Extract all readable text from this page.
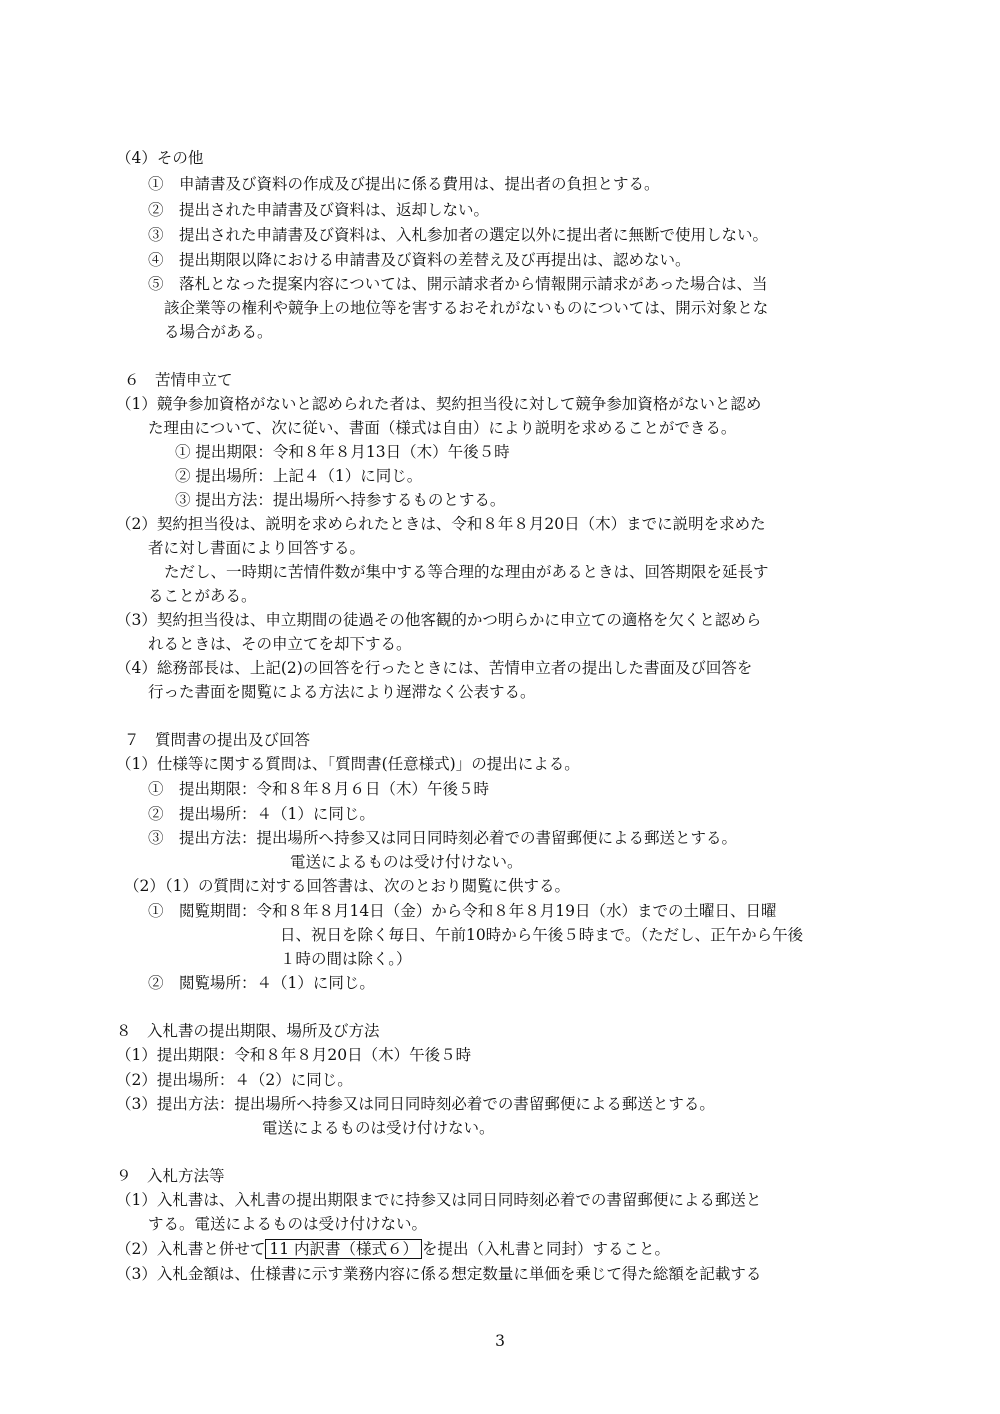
（4）その他
①　申請書及び資料の作成及び提出に係る費用は、提出者の負担とする。
②　提出された申請書及び資料は、返却しない。
③　提出された申請書及び資料は、入札参加者の選定以外に提出者に無断で使用しない。
④　提出期限以降における申請書及び資料の差替え及び再提出は、認めない。
⑤　落札となった提案内容については、開示請求者から情報開示請求があった場合は、当
該企業等の権利や競争上の地位等を害するおそれがないものについては、開示対象とな
る場合がある。
６　苦情申立て
（1）競争参加資格がないと認められた者は、契約担当役に対して競争参加資格がないと認め
た理由について、次に従い、書面（様式は自由）により説明を求めることができる。
① 提出期限：令和８年８月13日（木）午後５時
② 提出場所：上記４（1）に同じ。
③ 提出方法：提出場所へ持参するものとする。
（2）契約担当役は、説明を求められたときは、令和８年８月20日（木）までに説明を求めた
者に対し書面により回答する。
ただし、一時期に苦情件数が集中する等合理的な理由があるときは、回答期限を延長す
ることがある。
（3）契約担当役は、申立期間の徒過その他客観的かつ明らかに申立ての適格を欠くと認めら
れるときは、その申立てを却下する。
（4）総務部長は、上記(2)の回答を行ったときには、苦情申立者の提出した書面及び回答を
行った書面を閲覧による方法により遅滞なく公表する。
７　質問書の提出及び回答
（1）仕様等に関する質問は、「質問書(任意様式)」の提出による。
①　提出期限：令和８年８月６日（木）午後５時
②　提出場所：４（1）に同じ。
③　提出方法：提出場所へ持参又は同日同時刻必着での書留郵便による郵送とする。
電送によるものは受け付けない。
（2）（1）の質問に対する回答書は、次のとおり閲覧に供する。
①　閲覧期間：令和８年８月14日（金）から令和８年８月19日（水）までの土曜日、日曜
日、祝日を除く毎日、午前10時から午後５時まで。（ただし、正午から午後
１時の間は除く。）
②　閲覧場所：４（1）に同じ。
８　入札書の提出期限、場所及び方法
（1）提出期限：令和８年８月20日（木）午後５時
（2）提出場所：４（2）に同じ。
（3）提出方法：提出場所へ持参又は同日同時刻必着での書留郵便による郵送とする。
電送によるものは受け付けない。
９　入札方法等
（1）入札書は、入札書の提出期限までに持参又は同日同時刻必着での書留郵便による郵送と
する。電送によるものは受け付けない。
（2）入札書と併せて 11 内訳書（様式６） を提出（入札書と同封）すること。
（3）入札金額は、仕様書に示す業務内容に係る想定数量に単価を乗じて得た総額を記載する
3
